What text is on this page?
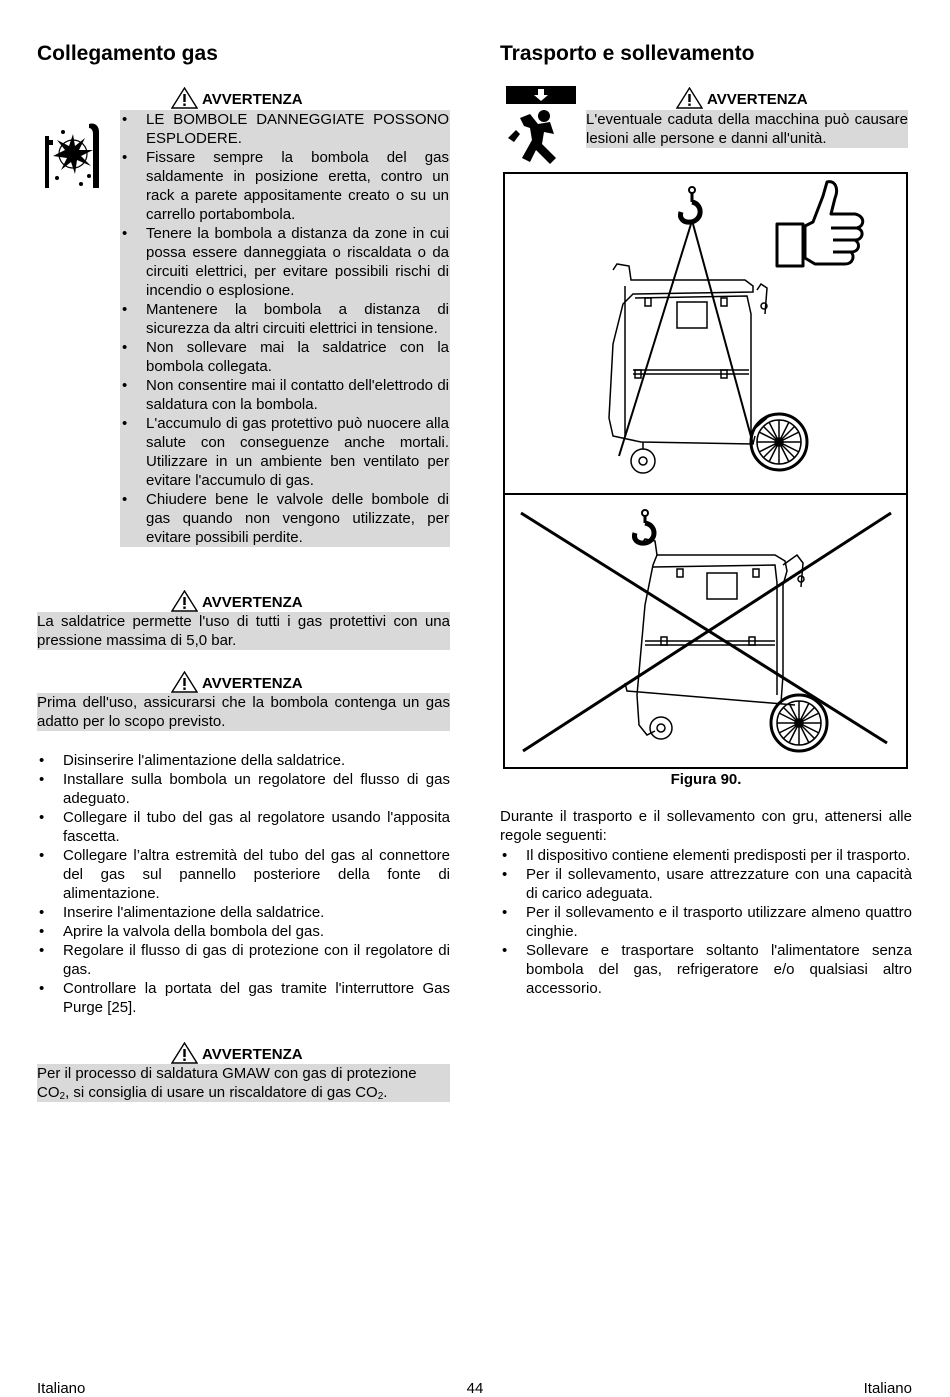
Collegamento gas
AVVERTENZA
• LE BOMBOLE DANNEGGIATE POSSONO ESPLODERE.
• Fissare sempre la bombola del gas saldamente in posizione eretta, contro un rack a parete appositamente creato o su un carrello portabombola.
• Tenere la bombola a distanza da zone in cui possa essere danneggiata o riscaldata o da circuiti elettrici, per evitare possibili rischi di incendio o esplosione.
• Mantenere la bombola a distanza di sicurezza da altri circuiti elettrici in tensione.
• Non sollevare mai la saldatrice con la bombola collegata.
• Non consentire mai il contatto dell'elettrodo di saldatura con la bombola.
• L'accumulo di gas protettivo può nuocere alla salute con conseguenze anche mortali. Utilizzare in un ambiente ben ventilato per evitare l'accumulo di gas.
• Chiudere bene le valvole delle bombole di gas quando non vengono utilizzate, per evitare possibili perdite.
AVVERTENZA
La saldatrice permette l'uso di tutti i gas protettivi con una pressione massima di 5,0 bar.
AVVERTENZA
Prima dell'uso, assicurarsi che la bombola contenga un gas adatto per lo scopo previsto.
• Disinserire l'alimentazione della saldatrice.
• Installare sulla bombola un regolatore del flusso di gas adeguato.
• Collegare il tubo del gas al regolatore usando l'apposita fascetta.
• Collegare l’altra estremità del tubo del gas al connettore del gas sul pannello posteriore della fonte di alimentazione.
• Inserire l'alimentazione della saldatrice.
• Aprire la valvola della bombola del gas.
• Regolare il flusso di gas di protezione con il regolatore di gas.
• Controllare la portata del gas tramite l'interruttore Gas Purge [25].
AVVERTENZA
Per il processo di saldatura GMAW con gas di protezione
$CO_2$, si consiglia di usare un riscaldatore di gas $CO_2$.
Trasporto e sollevamento
AVVERTENZA
L'eventuale caduta della macchina può causare lesioni alle persone e danni all'unità.
Figura 90.
Durante il trasporto e il sollevamento con gru, attenersi alle regole seguenti:
• Il dispositivo contiene elementi predisposti per il trasporto.
• Per il sollevamento, usare attrezzature con una capacità di carico adeguata.
• Per il sollevamento e il trasporto utilizzare almeno quattro cinghie.
• Sollevare e trasportare soltanto l'alimentatore senza bombola del gas, refrigeratore e/o qualsiasi altro accessorio.
Italiano	44	Italiano
